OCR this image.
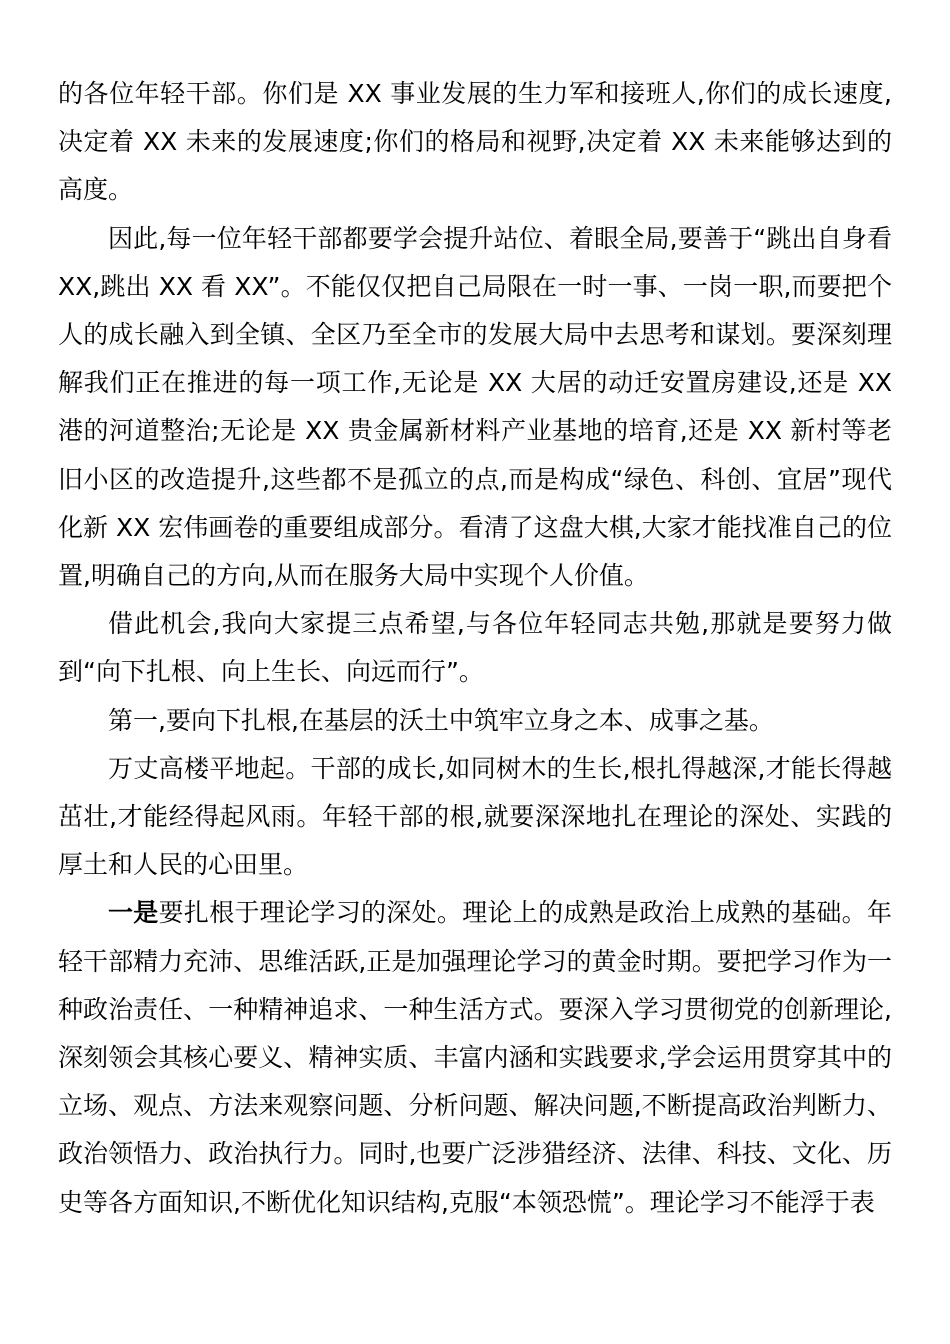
的各位年轻干部。你们是 XX 事业发展的生力军和接班人,你们的成长速度,决定着 XX 未来的发展速度;你们的格局和视野,决定着 XX 未来能够达到的高度。

因此,每一位年轻干部都要学会提升站位、着眼全局,要善于“跳出自身看 XX,跳出 XX 看 XX”。不能仅仅把自己局限在一时一事、一岗一职,而要把个人的成长融入到全镇、全区乃至全市的发展大局中去思考和谋划。要深刻理解我们正在推进的每一项工作,无论是 XX 大居的动迁安置房建设,还是 XX 港的河道整治;无论是 XX 贵金属新材料产业基地的培育,还是 XX 新村等老旧小区的改造提升,这些都不是孤立的点,而是构成“绿色、科创、宜居”现代化新 XX 宏伟画卷的重要组成部分。看清了这盘大棋,大家才能找准自己的位置,明确自己的方向,从而在服务大局中实现个人价值。

借此机会,我向大家提三点希望,与各位年轻同志共勉,那就是要努力做到“向下扎根、向上生长、向远而行”。

第一,要向下扎根,在基层的沃土中筑牢立身之本、成事之基。

万丈高楼平地起。干部的成长,如同树木的生长,根扎得越深,才能长得越茁壮,才能经得起风雨。年轻干部的根,就要深深地扎在理论的深处、实践的厚土和人民的心田里。

一是要扎根于理论学习的深处。理论上的成熟是政治上成熟的基础。年轻干部精力充沛、思维活跃,正是加强理论学习的黄金时期。要把学习作为一种政治责任、一种精神追求、一种生活方式。要深入学习贯彻党的创新理论,深刻领会其核心要义、精神实质、丰富内涵和实践要求,学会运用贯穿其中的立场、观点、方法来观察问题、分析问题、解决问题,不断提高政治判断力、政治领悟力、政治执行力。同时,也要广泛涉猎经济、法律、科技、文化、历史等各方面知识,不断优化知识结构,克服“本领恐慌”。理论学习不能浮于表
